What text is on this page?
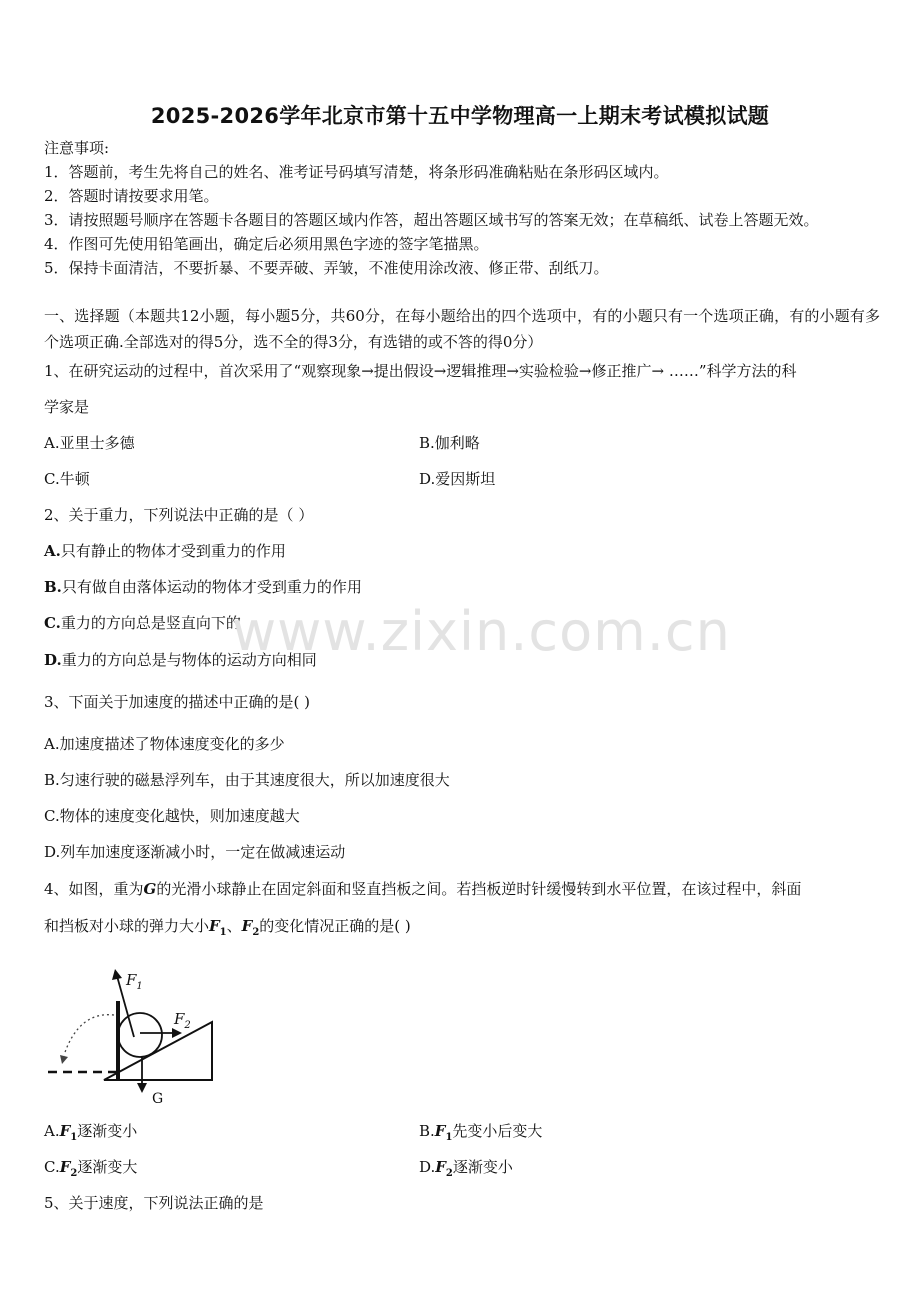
2025-2026学年北京市第十五中学物理高一上期末考试模拟试题
注意事项:
1．答题前，考生先将自己的姓名、准考证号码填写清楚，将条形码准确粘贴在条形码区域内。
2．答题时请按要求用笔。
3．请按照题号顺序在答题卡各题目的答题区域内作答，超出答题区域书写的答案无效；在草稿纸、试卷上答题无效。
4．作图可先使用铅笔画出，确定后必须用黑色字迹的签字笔描黑。
5．保持卡面清洁，不要折暴、不要弄破、弄皱，不准使用涂改液、修正带、刮纸刀。
一、选择题（本题共12小题，每小题5分，共60分，在每小题给出的四个选项中，有的小题只有一个选项正确，有的小题有多个选项正确.全部选对的得5分，选不全的得3分，有选错的或不答的得0分）
1、在研究运动的过程中，首次采用了“观察现象→提出假设→逻辑推理→实验检验→修正推广→ ……”科学方法的科
学家是
A.亚里士多德	B.伽利略
C.牛顿	D.爱因斯坦
2、关于重力，下列说法中正确的是（ ）
A.只有静止的物体才受到重力的作用
B.只有做自由落体运动的物体才受到重力的作用
C.重力的方向总是竖直向下的
D.重力的方向总是与物体的运动方向相同
3、下面关于加速度的描述中正确的是( )
A.加速度描述了物体速度变化的多少
B.匀速行驶的磁悬浮列车，由于其速度很大，所以加速度很大
C.物体的速度变化越快，则加速度越大
D.列车加速度逐渐减小时，一定在做减速运动
4、如图，重为G的光滑小球静止在固定斜面和竖直挡板之间。若挡板逆时针缓慢转到水平位置，在该过程中，斜面
和挡板对小球的弹力大小$F_1$、$F_2$的变化情况正确的是( )
$F_1$
$F_2$
G
$A.F_1$逐渐变小	$B.F_1$先变小后变大
$C.F_2$逐渐变大	$D.F_2$逐渐变小
5、关于速度，下列说法正确的是
www.zixin.com.cn
